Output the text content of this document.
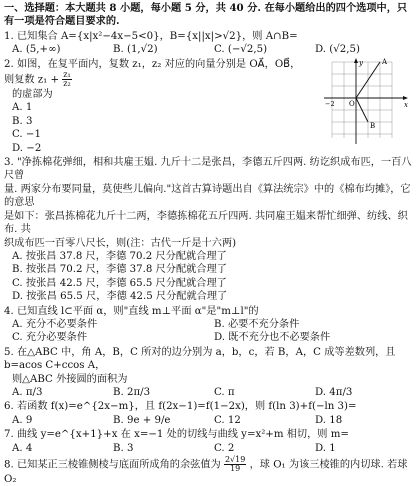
一、选择题：本大题共 8 小题，每小题 5 分，共 40 分. 在每小题给出的四个选项中，只有一项是符合题目要求的.
1. 已知集合 A={x|x²−4x−5<0}，B={x||x|>√2}，则 A∩B=
A. (5,+∞)	B. (1,√2)	C. (−√2,5)	D. (√2,5)
2. 如图，在复平面内，复数 z₁，z₂ 对应的向量分别是 OA⃗，OB⃗，则复数 $z_1 + \frac{\text{z₁}}{\text{z₂}}$
的虚部为
A. 1
B. 3
C. −1
D. −2
y	A
O	x
−2
B
3. "净拣棉花弹细，相和共雇王媪. 九斤十二是张昌，李德五斤四两. 纺讫织成布匹，一百八尺曾
量. 两家分布要同量，莫使些儿偏向."这首古算诗题出自《算法统宗》中的《棉布均摊》，它的意思
是如下：张昌拣棉花九斤十二两，李德拣棉花五斤四两. 共同雇王媪来帮忙细弹、纺线、织布. 共
织成布匹一百零八尺长，则(注：古代一斤是十六两)
A. 按张昌 37.8 尺，李德 70.2 尺分配就合理了
B. 按张昌 70.2 尺，李德 37.8 尺分配就合理了
C. 按张昌 42.5 尺，李德 65.5 尺分配就合理了
D. 按张昌 65.5 尺，李德 42.5 尺分配就合理了
4. 已知直线 l⊂平面 α，则"直线 m⊥平面 α"是"m⊥l"的
A. 充分不必要条件	B. 必要不充分条件
C. 充分必要条件	D. 既不充分也不必要条件
5. 在△ABC 中，角 A，B，C 所对的边分别为 a，b，c，若 B，A，C 成等差数列，且 b=acos C+ccos A，
则△ABC 外接圆的面积为
A. π/3	B. 2π/3	C. π	D. 4π/3
6. 若函数 f(x)=e^{2x−m}，且 f(2x−1)=f(1−2x)，则 f(ln 3)+f(−ln 3)=
A. 9	B. 9e + 9/e	C. 12	D. 18
7. 曲线 y=e^{x+1}+x 在 x=−1 处的切线与曲线 y=x²+m 相切，则 m=
A. 4	B. 3	C. 2	D. 1
8. 已知某正三棱锥侧棱与底面所成角的余弦值为 $\frac{2√19}{19}$ ，球 O₁ 为该三棱锥的内切球. 若球 O₂
